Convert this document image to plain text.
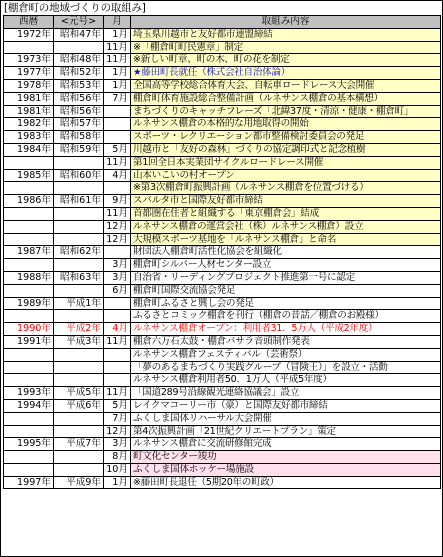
[棚倉町の地域づくりの取組み]
西暦	<元号>	月	取組み内容
1972年	昭和47年	1月	埼玉県川越市と友好都市連盟締結
		11月	※「棚倉町町民憲章」制定
1973年	昭和48年	11月	※新しい町章、町の木、町の花を制定
1977年	昭和52年	1月	★藤田町長就任（株式会社自治体論）
1978年	昭和53年	1月	全国高等学校総合体育大会、自転車ロードレース大会開催
1981年	昭和56年	7月	棚倉町体育施設総合整備計画（ルネサンス棚倉の基本構想）
1981年	昭和56年		まちづくりのキャッチフレーズ「北緯37度・清涼・健康・棚倉町」
1982年	昭和57年		ルネサンス棚倉の本格的な用地取得の開始
1983年	昭和58年		スポーツ・レクリエーション都市整備検討委員会の発足
1984年	昭和59年	5月	川越市と「友好の森林」づくりの協定調印式と記念植樹
		11月	第1回全日本実業団サイクルロードレース開催
1985年	昭和60年	4月	山本いこいの村オープン
			※第3次棚倉町振興計画（ルネサンス棚倉を位置づける）
1986年	昭和61年	9月	スバルタ市と国際友好都市締結
		11月	首都圏在住者と組織する「東京棚倉会」結成
		12月	ルネサンス棚倉の運営会社（株）ルネサンス棚倉）設立
		12月	大規模スポーツ基地を「ルネサンス棚倉」と命名
1987年	昭和62年		財団法人棚倉町活性化協会を組織化
		3月	棚倉町シルバー人材センター設立
1988年	昭和63年	3月	自治省・リーディングプロジェクト推進第一号に認定
		6月	棚倉町国際交流協会発足
1989年	平成1年		棚倉町ふるさと興し会の発足
			ふるさとコミック棚倉を刊行（棚倉の昔話／棚倉のお殿様）
1990年	平成2年	4月	ルネサンス棚倉オープン：利用者31．5万人（平成2年度）
1991年	平成3年	11月	棚倉六万石太鼓・棚倉バサラ音頭制作発表
			ルネサンス棚倉フェスティバル（芸術祭）
			「夢のあるまちづくり実践グループ（冒険王）」を設立・活動
			ルネサンス棚倉利用者50．1万人（平成5年度）
1993年	平成5年	11月	「国道289号沿線観光連絡協議会」設立
1994年	平成6年	5月	レイクマコーリー市（豪）と国際友好都市締結
		7月	ふくしま国体リハーサル大会開催
		12月	第4次振興計画「21世紀クリエートプラン」策定
1995年	平成7年	3月	ルネサンス棚倉に交流研修館完成
		8月	町文化センター竣功
		10月	ふくしま国体ホッケー場施設
1997年	平成9年	1月	※藤田町長退任（5期20年の町政）
